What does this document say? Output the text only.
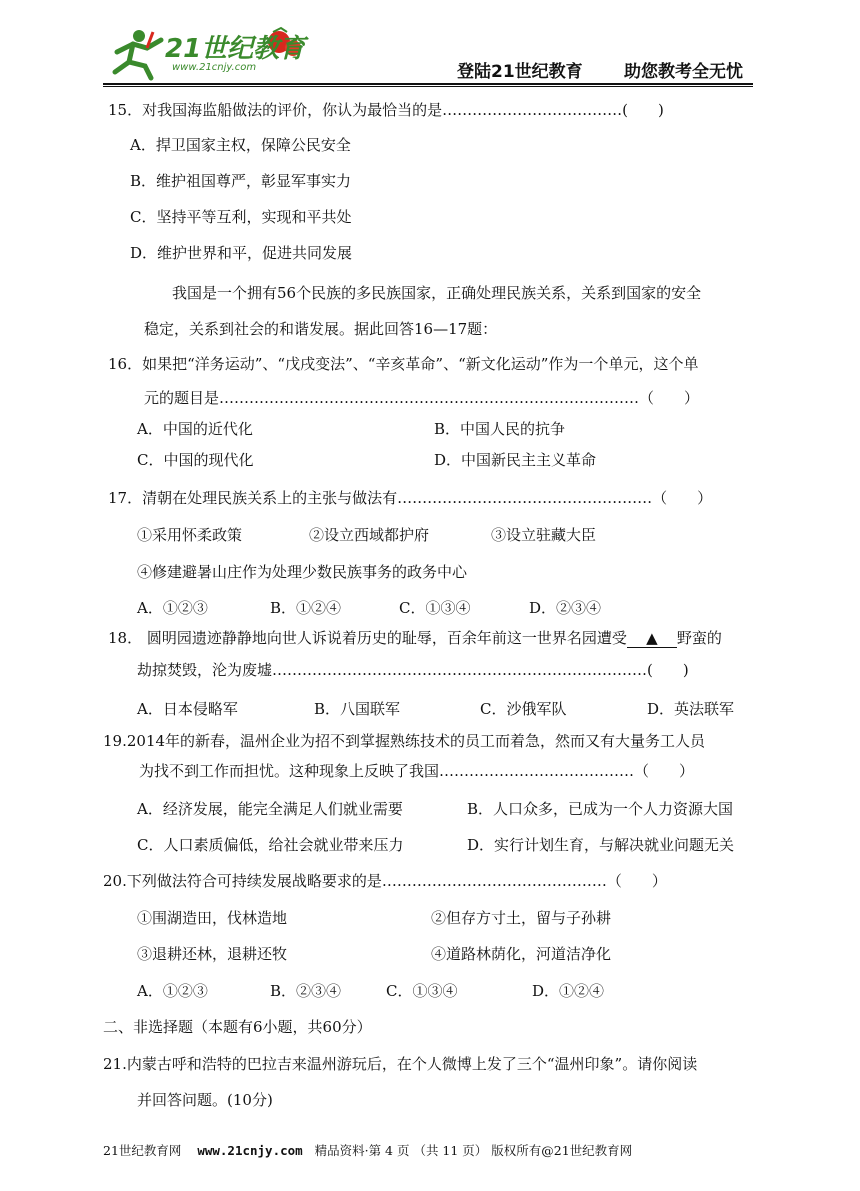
21世纪教育
www.21cnjy.com	登陆21世纪教育 助您教考全无忧
15．对我国海监船做法的评价，你认为最恰当的是………………………………(　　)
A．捍卫国家主权，保障公民安全
B．维护祖国尊严，彰显军事实力
C．坚持平等互利，实现和平共处
D．维护世界和平，促进共同发展
我国是一个拥有56个民族的多民族国家，正确处理民族关系，关系到国家的安全
稳定，关系到社会的和谐发展。据此回答16—17题：
16．如果把“洋务运动”、“戊戌变法”、“辛亥革命”、“新文化运动”作为一个单元，这个单
元的题目是…………………………………………………………………………（　　）
A．中国的近代化	B．中国人民的抗争
C．中国的现代化	D．中国新民主主义革命
17．清朝在处理民族关系上的主张与做法有……………………………………………（　　）
①采用怀柔政策	②设立西域都护府	③设立驻藏大臣
④修建避暑山庄作为处理少数民族事务的政务中心
A．①②③	B．①②④	C．①③④	D．②③④
18． 圆明园遗迹静静地向世人诉说着历史的耻辱，百余年前这一世界名园遭受 ▲ 野蛮的
劫掠焚毁，沦为废墟…………………………………………………………………(　　)
A．日本侵略军	B．八国联军	C．沙俄军队	D．英法联军
19.2014年的新春，温州企业为招不到掌握熟练技术的员工而着急，然而又有大量务工人员
为找不到工作而担忧。这种现象上反映了我国…………………………………（　　）
A．经济发展，能完全满足人们就业需要	B．人口众多，已成为一个人力资源大国
C．人口素质偏低，给社会就业带来压力	D．实行计划生育，与解决就业问题无关
20.下列做法符合可持续发展战略要求的是………………………………………（　　）
①围湖造田，伐林造地	②但存方寸土，留与子孙耕
③退耕还林，退耕还牧	④道路林荫化，河道洁净化
A．①②③	B．②③④	C．①③④	D．①②④
二、非选择题（本题有6小题，共60分）
21.内蒙古呼和浩特的巴拉吉来温州游玩后，在个人微博上发了三个“温州印象”。请你阅读
并回答问题。(10分)
21世纪教育网 www.21cnjy.com 精品资料·第 4 页 （共 11 页） 版权所有@21世纪教育网
